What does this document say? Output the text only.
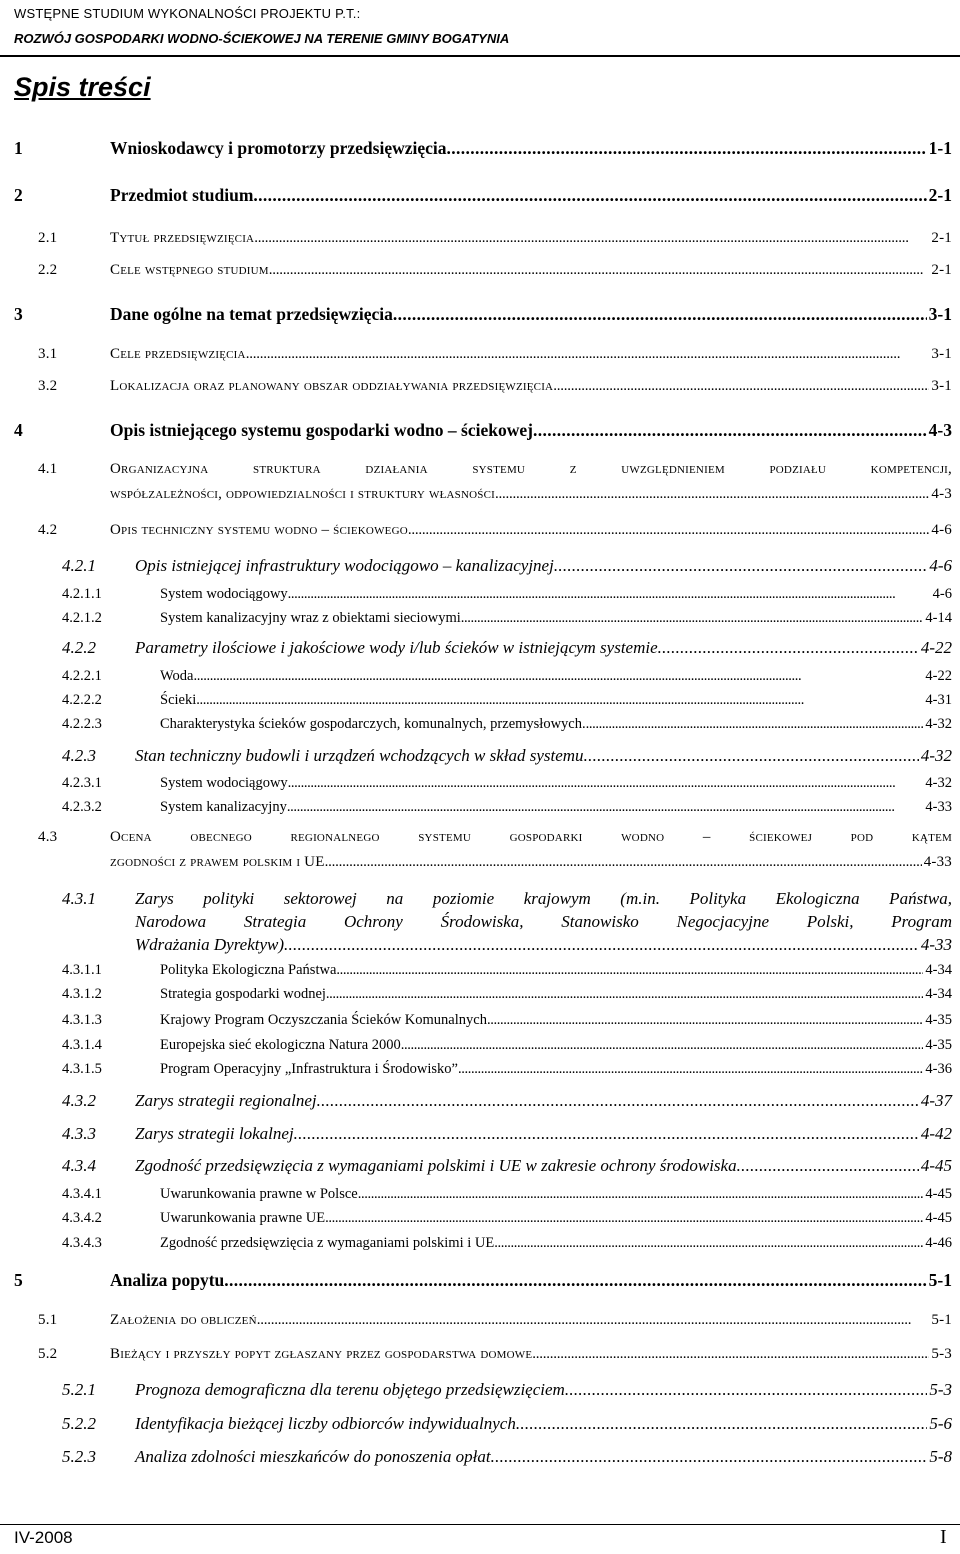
WSTĘPNE STUDIUM WYKONALNOŚCI PROJEKTU P.T.:
ROZWÓJ GOSPODARKI WODNO-ŚCIEKOWEJ NA TERENIE GMINY BOGATYNIA
Spis treści
1	Wnioskodawcy i promotorzy przedsięwzięcia . . .	1-1
2	Przedmiot studium . . .	2-1
2.1	Tytuł przedsięwzięcia . . .	2-1
2.2	Cele wstępnego studium . . .	2-1
3	Dane ogólne na temat przedsięwzięcia . . .	3-1
3.1	Cele przedsięwzięcia . . .	3-1
3.2	Lokalizacja oraz planowany obszar oddziaływania przedsięwzięcia . . .	3-1
4	Opis istniejącego systemu gospodarki wodno – ściekowej . . .	4-3
4.1	Organizacyjna struktura działania systemu z uwzględnieniem podziału kompetencji,
współzależności, odpowiedzialności i struktury własności . . .	4-3
4.2	Opis techniczny systemu wodno – ściekowego . . .	4-6
4.2.1 Opis istniejącej infrastruktury wodociągowo – kanalizacyjnej . . .	4-6
4.2.1.1	System wodociągowy . . .	4-6
4.2.1.2	System kanalizacyjny wraz z obiektami sieciowymi . . .	4-14
4.2.2 Parametry ilościowe i jakościowe wody i/lub ścieków w istniejącym systemie . . .	4-22
4.2.2.1	Woda . . .	4-22
4.2.2.2	Ścieki . . .	4-31
4.2.2.3	Charakterystyka ścieków gospodarczych, komunalnych, przemysłowych. . . .	4-32
4.2.3 Stan techniczny budowli i urządzeń wchodzących w skład systemu . . .	4-32
4.2.3.1	System wodociągowy . . .	4-32
4.2.3.2	System kanalizacyjny . . .	4-33
4.3	Ocena obecnego regionalnego systemu gospodarki wodno – ściekowej pod kątem
zgodności z prawem polskim i UE . . .	4-33
4.3.1 Zarys polityki sektorowej na poziomie krajowym (m.in. Polityka Ekologiczna Państwa,
Narodowa Strategia Ochrony Środowiska, Stanowisko Negocjacyjne Polski, Program
Wdrażania Dyrektyw) . . .	4-33
4.3.1.1	Polityka Ekologiczna Państwa . . .	4-34
4.3.1.2	Strategia gospodarki wodnej . . .	4-34
4.3.1.3	Krajowy Program Oczyszczania Ścieków Komunalnych . . .	4-35
4.3.1.4	Europejska sieć ekologiczna Natura 2000 . . .	4-35
4.3.1.5	Program Operacyjny „Infrastruktura i Środowisko” . . .	4-36
4.3.2 Zarys strategii regionalnej . . .	4-37
4.3.3 Zarys strategii lokalnej . . .	4-42
4.3.4 Zgodność przedsięwzięcia z wymaganiami polskimi i UE w zakresie ochrony środowiska . . .	4-45
4.3.4.1	Uwarunkowania prawne w Polsce . . .	4-45
4.3.4.2	Uwarunkowania prawne UE . . .	4-45
4.3.4.3	Zgodność przedsięwzięcia z wymaganiami polskimi i UE . . .	4-46
5	Analiza popytu . . .	5-1
5.1	Założenia do obliczeń . . .	5-1
5.2	Bieżący i przyszły popyt zgłaszany przez gospodarstwa domowe . . .	5-3
5.2.1 Prognoza demograficzna dla terenu objętego przedsięwzięciem . . .	5-3
5.2.2 Identyfikacja bieżącej liczby odbiorców indywidualnych . . .	5-6
5.2.3 Analiza zdolności mieszkańców do ponoszenia opłat . . .	5-8
IV-2008	I
